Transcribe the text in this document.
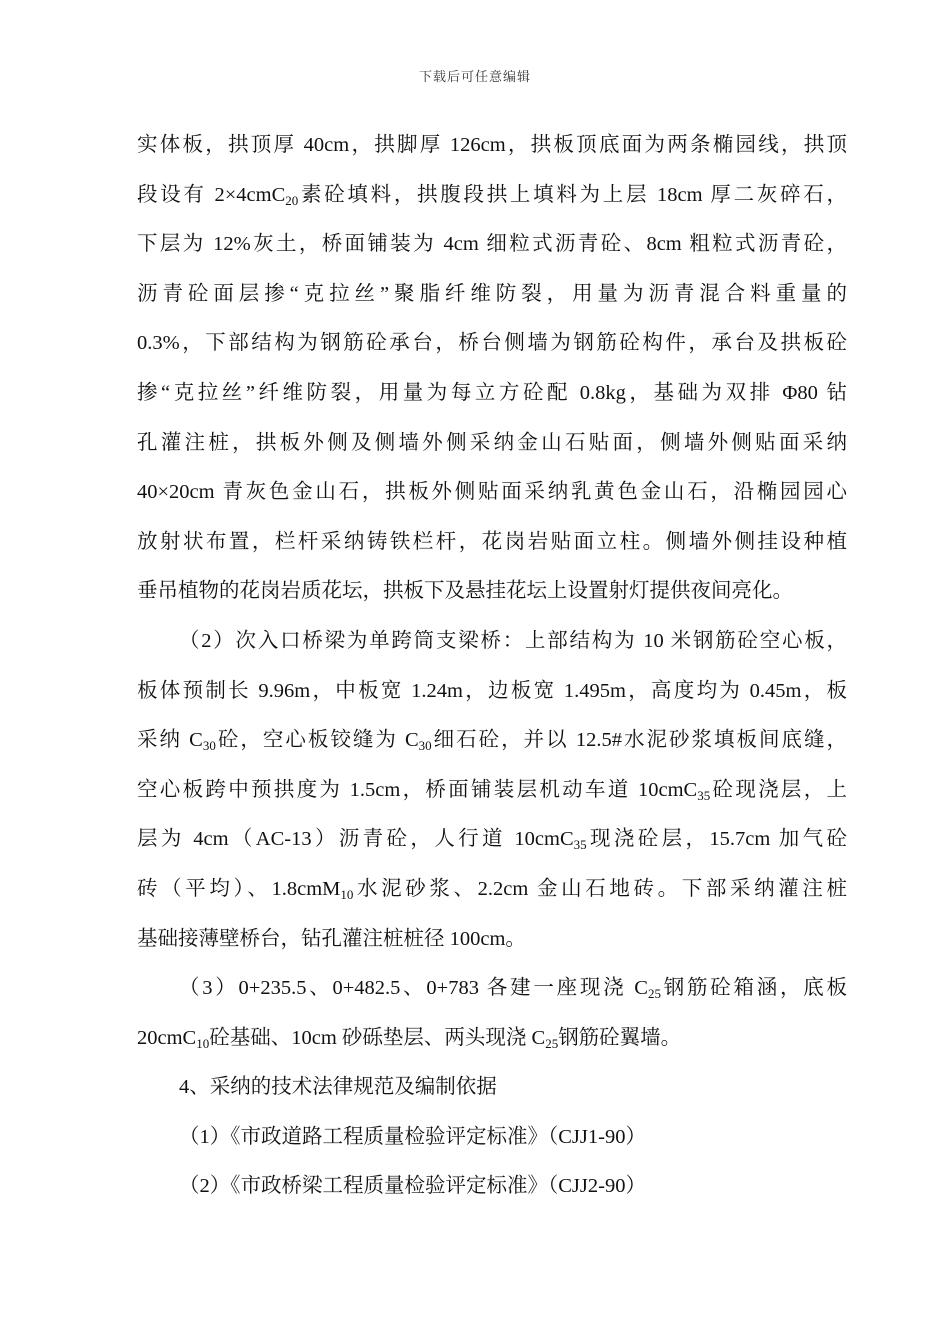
下载后可任意编辑
实体板，拱顶厚 40cm，拱脚厚 126cm，拱板顶底面为两条椭园线，拱顶
段设有 2×4cmC20素砼填料，拱腹段拱上填料为上层 18cm 厚二灰碎石，
下层为 12%灰土，桥面铺装为 4cm 细粒式沥青砼、8cm 粗粒式沥青砼，
沥青砼面层掺“克拉丝”聚脂纤维防裂，用量为沥青混合料重量的
0.3%，下部结构为钢筋砼承台，桥台侧墙为钢筋砼构件，承台及拱板砼
掺“克拉丝”纤维防裂，用量为每立方砼配 0.8kg，基础为双排 Φ80 钻
孔灌注桩，拱板外侧及侧墙外侧采纳金山石贴面，侧墙外侧贴面采纳
40×20cm 青灰色金山石，拱板外侧贴面采纳乳黄色金山石，沿椭园园心
放射状布置，栏杆采纳铸铁栏杆，花岗岩贴面立柱。侧墙外侧挂设种植
垂吊植物的花岗岩质花坛，拱板下及悬挂花坛上设置射灯提供夜间亮化。
（2）次入口桥梁为单跨筒支梁桥：上部结构为 10 米钢筋砼空心板，
板体预制长 9.96m，中板宽 1.24m，边板宽 1.495m，高度均为 0.45m，板
采纳 C30砼，空心板铰缝为 C30细石砼，并以 12.5#水泥砂浆填板间底缝，
空心板跨中预拱度为 1.5cm，桥面铺装层机动车道 10cmC35砼现浇层，上
层为 4cm（AC-13）沥青砼，人行道 10cmC35现浇砼层，15.7cm 加气砼
砖（平均）、1.8cmM10水泥砂浆、2.2cm 金山石地砖。下部采纳灌注桩
基础接薄壁桥台，钻孔灌注桩桩径 100cm。
（3）0+235.5、0+482.5、0+783 各建一座现浇 C25钢筋砼箱涵，底板
20cmC10砼基础、10cm 砂砾垫层、两头现浇 C25钢筋砼翼墙。
4、采纳的技术法律规范及编制依据
（1）《市政道路工程质量检验评定标准》（CJJ1-90）
（2）《市政桥梁工程质量检验评定标准》（CJJ2-90）
